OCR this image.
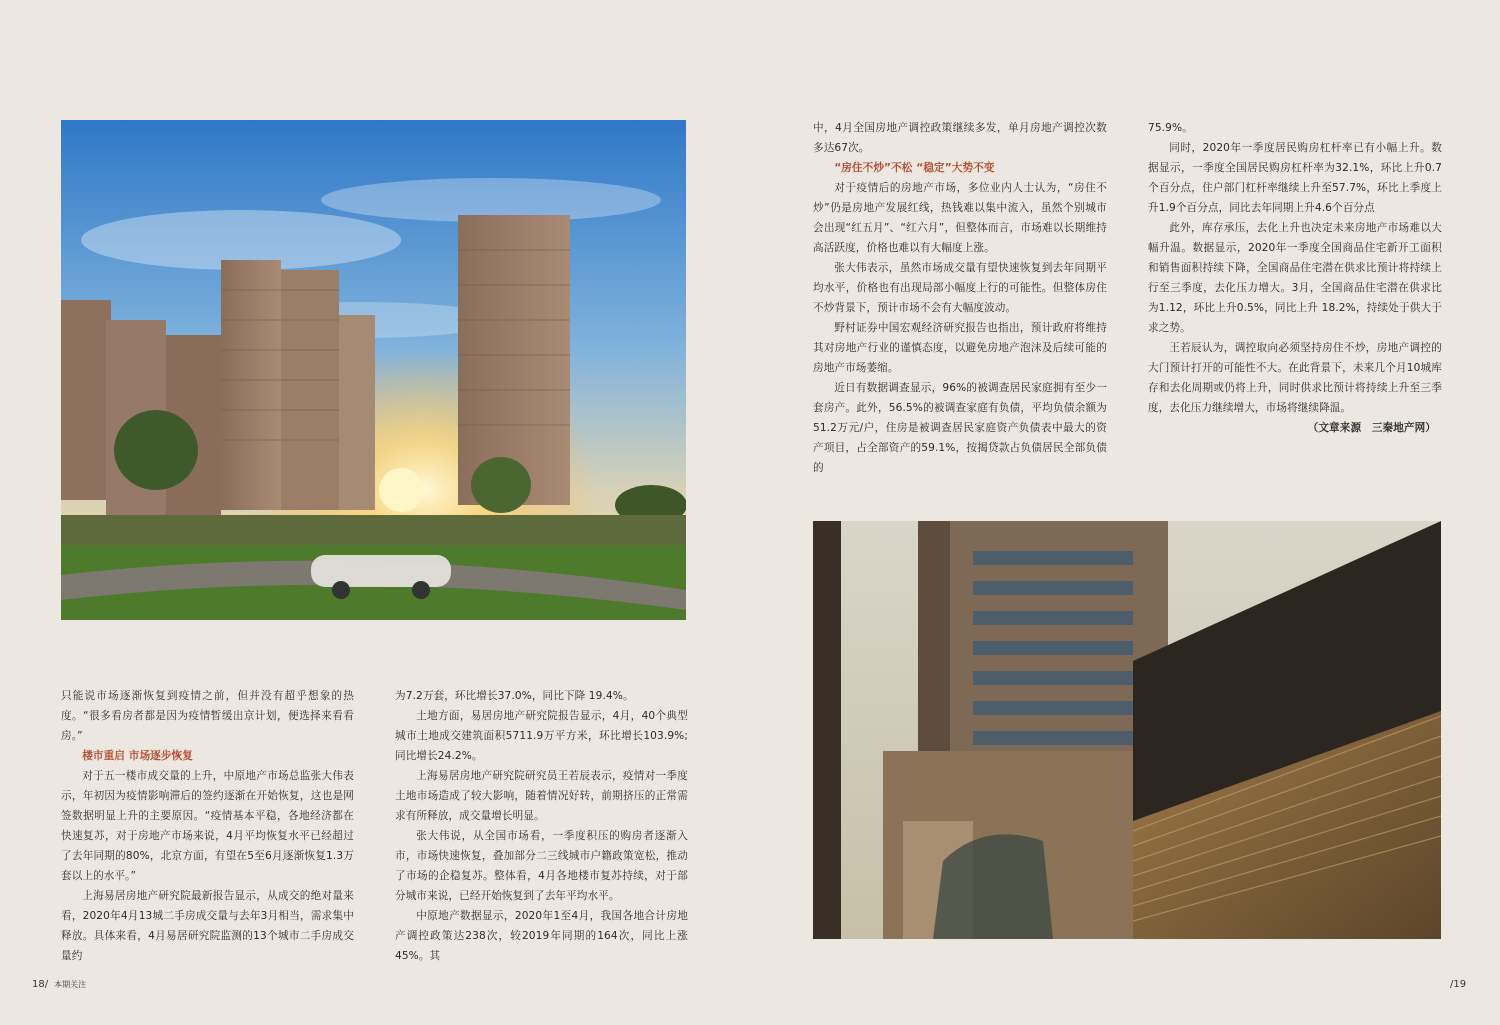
只能说市场逐渐恢复到疫情之前，但并没有超乎想象的热度。“很多看房者都是因为疫情暂缓出京计划，便选择来看看房。”

楼市重启 市场逐步恢复

对于五一楼市成交量的上升，中原地产市场总监张大伟表示，年初因为疫情影响滞后的签约逐渐在开始恢复，这也是网签数据明显上升的主要原因。“疫情基本平稳，各地经济都在快速复苏，对于房地产市场来说，4月平均恢复水平已经超过了去年同期的80%，北京方面，有望在5至6月逐渐恢复1.3万套以上的水平。”

上海易居房地产研究院最新报告显示，从成交的绝对量来看，2020年4月13城二手房成交量与去年3月相当，需求集中释放。具体来看，4月易居研究院监测的13个城市二手房成交量约

为7.2万套，环比增长37.0%，同比下降 19.4%。

土地方面，易居房地产研究院报告显示，4月，40个典型城市土地成交建筑面积5711.9万平方米，环比增长103.9%;同比增长24.2%。

上海易居房地产研究院研究员王若辰表示，疫情对一季度土地市场造成了较大影响，随着情况好转，前期挤压的正常需求有所释放，成交量增长明显。

张大伟说，从全国市场看，一季度积压的购房者逐渐入市，市场快速恢复，叠加部分二三线城市户籍政策宽松，推动了市场的企稳复苏。整体看，4月各地楼市复苏持续，对于部分城市来说，已经开始恢复到了去年平均水平。

中原地产数据显示，2020年1至4月，我国各地合计房地产调控政策达238次，较2019年同期的164次，同比上涨45%。其

中，4月全国房地产调控政策继续多发，单月房地产调控次数多达67次。

“房住不炒”不松 “稳定”大势不变

对于疫情后的房地产市场，多位业内人士认为，“房住不炒”仍是房地产发展红线，热钱难以集中流入，虽然个别城市会出现“红五月”、“红六月”，但整体而言，市场难以长期维持高活跃度，价格也难以有大幅度上涨。

张大伟表示，虽然市场成交量有望快速恢复到去年同期平均水平，价格也有出现局部小幅度上行的可能性。但整体房住不炒背景下，预计市场不会有大幅度波动。

野村证券中国宏观经济研究报告也指出，预计政府将维持其对房地产行业的谨慎态度，以避免房地产泡沫及后续可能的房地产市场萎缩。

近日有数据调查显示，96%的被调查居民家庭拥有至少一套房产。此外，56.5%的被调查家庭有负债，平均负债余额为51.2万元/户，住房是被调查居民家庭资产负债表中最大的资产项目，占全部资产的59.1%，按揭贷款占负债居民全部负债的

75.9%。

同时，2020年一季度居民购房杠杆率已有小幅上升。数据显示，一季度全国居民购房杠杆率为32.1%，环比上升0.7个百分点，住户部门杠杆率继续上升至57.7%，环比上季度上升1.9个百分点，同比去年同期上升4.6个百分点

此外，库存承压，去化上升也决定未来房地产市场难以大幅升温。数据显示，2020年一季度全国商品住宅新开工面积和销售面积持续下降，全国商品住宅潜在供求比预计将持续上行至三季度，去化压力增大。3月，全国商品住宅潜在供求比为1.12，环比上升0.5%，同比上升 18.2%，持续处于供大于求之势。

王若辰认为，调控取向必须坚持房住不炒，房地产调控的大门预计打开的可能性不大。在此背景下，未来几个月10城库存和去化周期或仍将上升，同时供求比预计将持续上升至三季度，去化压力继续增大，市场将继续降温。

（文章来源　三秦地产网）

18/ 本期关注	/19
